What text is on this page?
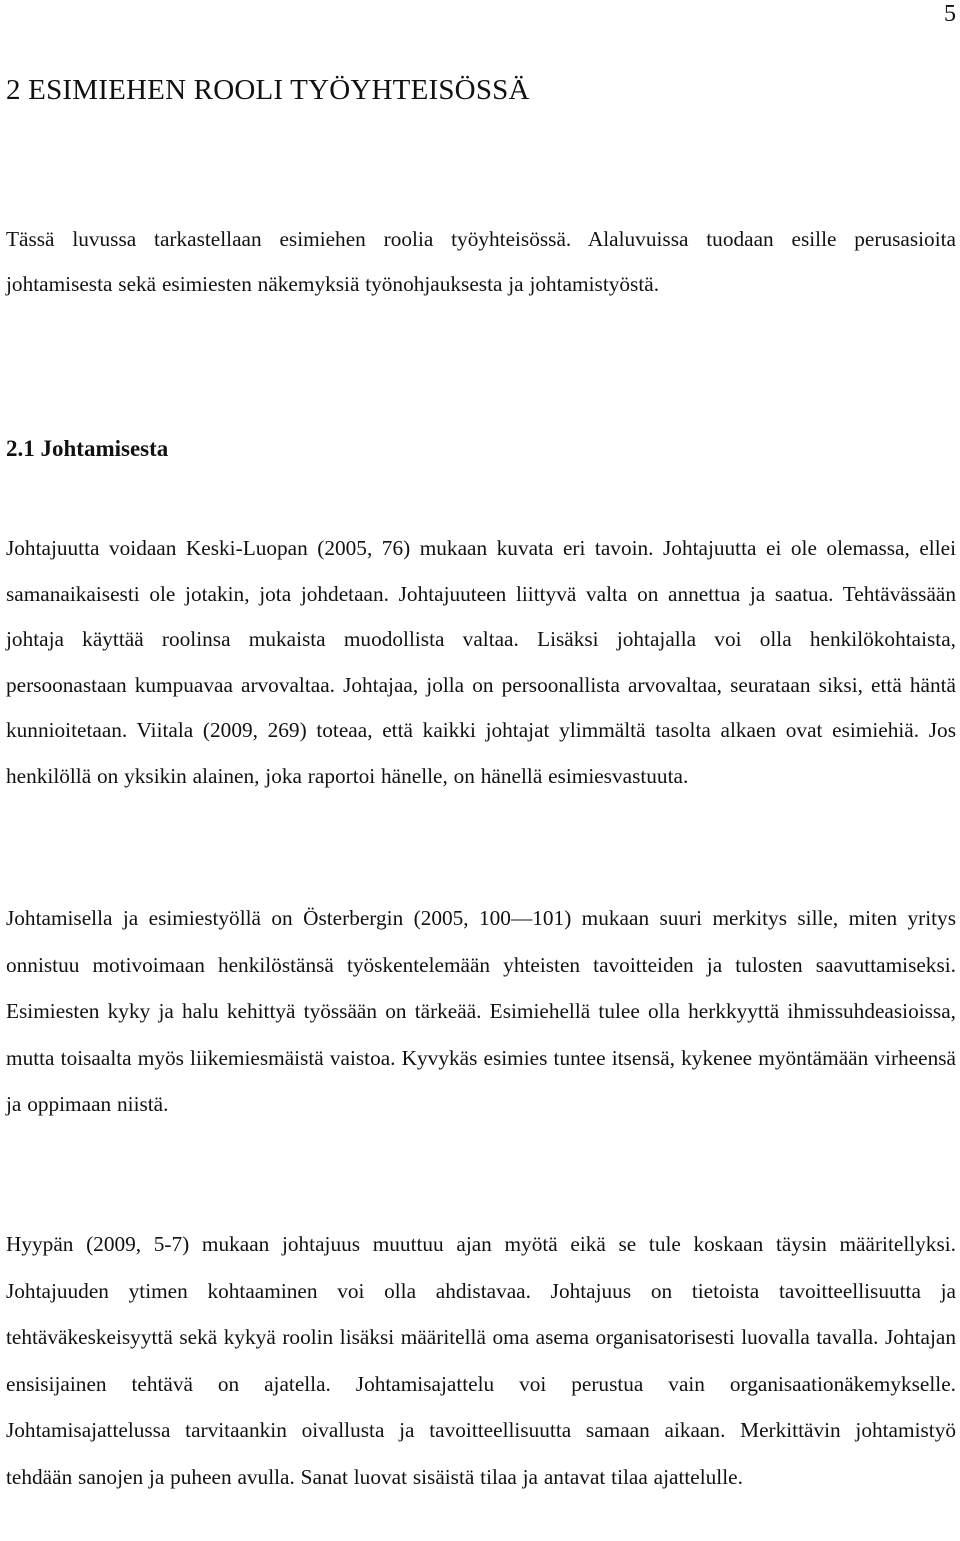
5
2 ESIMIEHEN ROOLI TYÖYHTEISÖSSÄ

Tässä luvussa tarkastellaan esimiehen roolia työyhteisössä. Alaluvuissa tuodaan esille perusasioita johtamisesta sekä esimiesten näkemyksiä työnohjauksesta ja johtamistyöstä.

2.1 Johtamisesta

Johtajuutta voidaan Keski-Luopan (2005, 76) mukaan kuvata eri tavoin. Johtajuutta ei ole olemassa, ellei samanaikaisesti ole jotakin, jota johdetaan. Johtajuuteen liittyvä valta on annettua ja saatua. Tehtävässään johtaja käyttää roolinsa mukaista muodollista valtaa. Lisäksi johtajalla voi olla henkilökohtaista, persoonastaan kumpuavaa arvovaltaa. Johtajaa, jolla on persoonallista arvovaltaa, seurataan siksi, että häntä kunnioitetaan. Viitala (2009, 269) toteaa, että kaikki johtajat ylimmältä tasolta alkaen ovat esimiehiä. Jos henkilöllä on yksikin alainen, joka raportoi hänelle, on hänellä esimiesvastuuta.

Johtamisella ja esimiestyöllä on Österbergin (2005, 100—101) mukaan suuri merkitys sille, miten yritys onnistuu motivoimaan henkilöstänsä työskentelemään yhteisten tavoitteiden ja tulosten saavuttamiseksi. Esimiesten kyky ja halu kehittyä työssään on tärkeää. Esimiehellä tulee olla herkkyyttä ihmissuhdeasioissa, mutta toisaalta myös liikemiesmäistä vaistoa. Kyvykäs esimies tuntee itsensä, kykenee myöntämään virheensä ja oppimaan niistä.

Hyypän (2009, 5-7) mukaan johtajuus muuttuu ajan myötä eikä se tule koskaan täysin määritellyksi. Johtajuuden ytimen kohtaaminen voi olla ahdistavaa. Johtajuus on tietoista tavoitteellisuutta ja tehtäväkeskeisyyttä sekä kykyä roolin lisäksi määritellä oma asema organisatorisesti luovalla tavalla. Johtajan ensisijainen tehtävä on ajatella. Johtamisajattelu voi perustua vain organisaationäkemykselle. Johtamisajattelussa tarvitaankin oivallusta ja tavoitteellisuutta samaan aikaan. Merkittävin johtamistyö tehdään sanojen ja puheen avulla. Sanat luovat sisäistä tilaa ja antavat tilaa ajattelulle.
